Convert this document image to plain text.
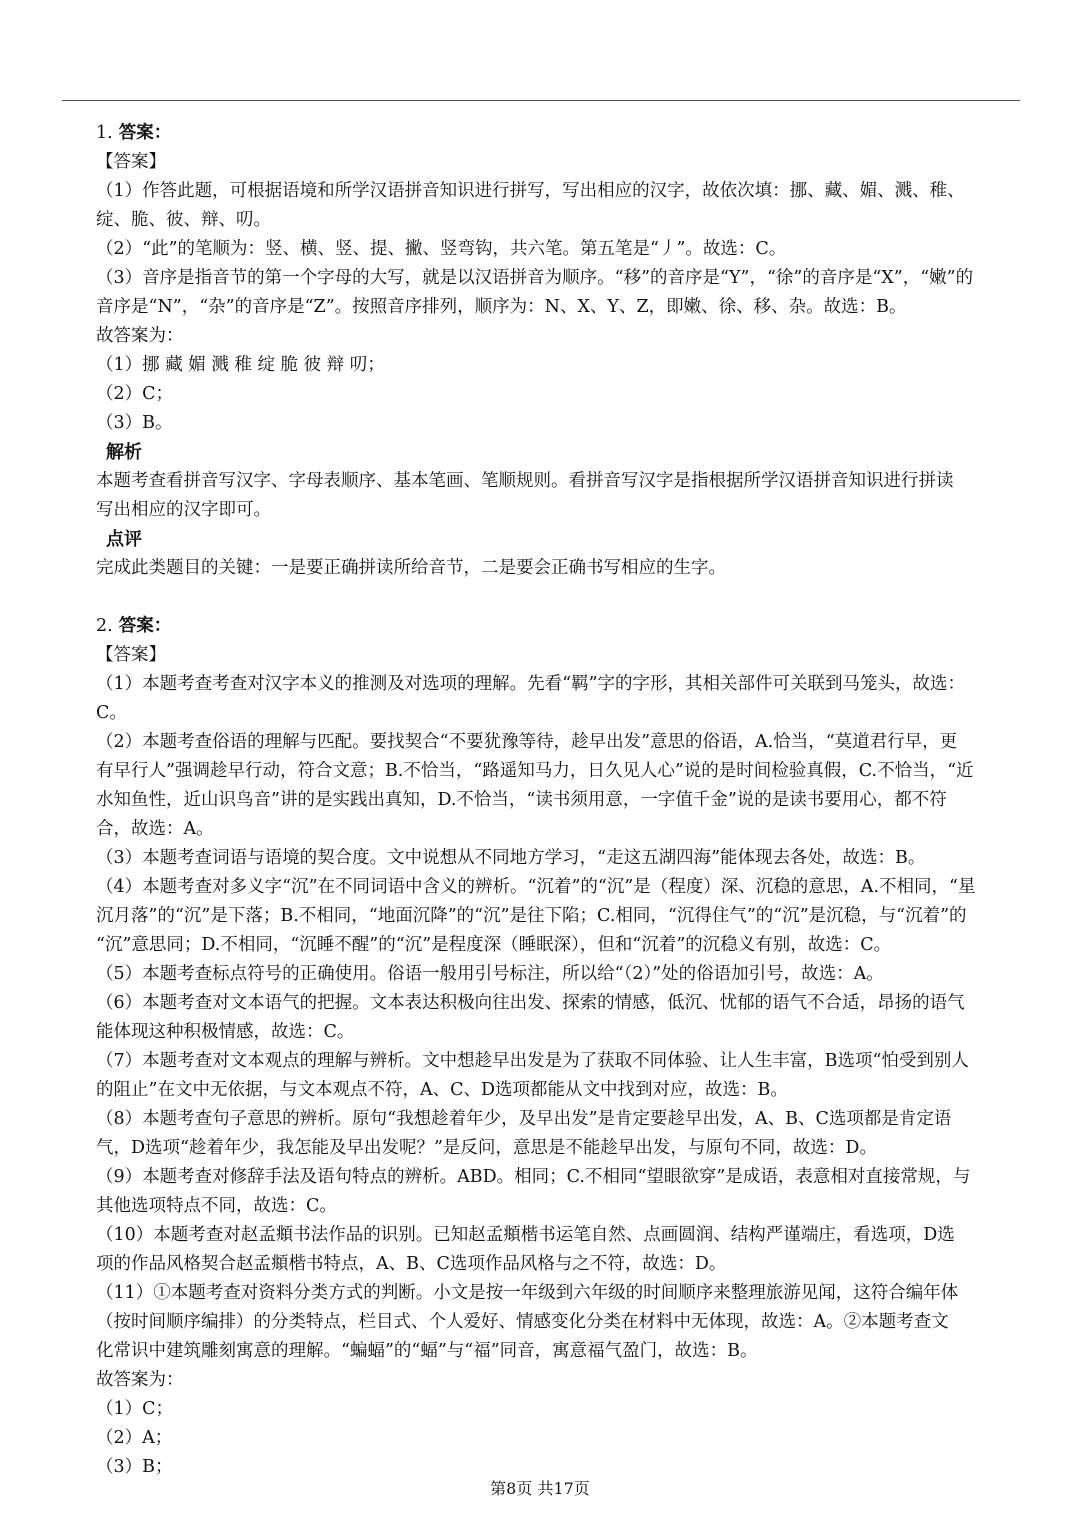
1. 答案：
【答案】
（1）作答此题，可根据语境和所学汉语拼音知识进行拼写，写出相应的汉字，故依次填：挪、藏、媚、溅、稚、
绽、脆、彼、辩、叨。
（2）“此”的笔顺为：竖、横、竖、提、撇、竖弯钩，共六笔。第五笔是“丿”。故选：C。
（3）音序是指音节的第一个字母的大写，就是以汉语拼音为顺序。“移”的音序是“Y”，“徐”的音序是“X”，“嫩”的
音序是“N”，“杂”的音序是“Z”。按照音序排列，顺序为：N、X、Y、Z，即嫩、徐、移、杂。故选：B。
故答案为：
（1）挪 藏 媚 溅 稚 绽 脆 彼 辩 叨；
（2）C；
（3）B。
解析
本题考查看拼音写汉字、字母表顺序、基本笔画、笔顺规则。看拼音写汉字是指根据所学汉语拼音知识进行拼读
写出相应的汉字即可。
点评
完成此类题目的关键：一是要正确拼读所给音节，二是要会正确书写相应的生字。
2. 答案：
【答案】
（1）本题考查考查对汉字本义的推测及对选项的理解。先看“羁”字的字形，其相关部件可关联到马笼头，故选：
C。
（2）本题考查俗语的理解与匹配。要找契合“不要犹豫等待，趁早出发”意思的俗语，A.恰当，“莫道君行早，更
有早行人”强调趁早行动，符合文意；B.不恰当，“路遥知马力，日久见人心”说的是时间检验真假，C.不恰当，“近
水知鱼性，近山识鸟音”讲的是实践出真知，D.不恰当，“读书须用意，一字值千金”说的是读书要用心，都不符
合，故选：A。
（3）本题考查词语与语境的契合度。文中说想从不同地方学习，“走这五湖四海”能体现去各处，故选：B。
（4）本题考查对多义字“沉”在不同词语中含义的辨析。“沉着”的“沉”是（程度）深、沉稳的意思，A.不相同，“星
沉月落”的“沉”是下落；B.不相同，“地面沉降”的“沉”是往下陷；C.相同，“沉得住气”的“沉”是沉稳，与“沉着”的
“沉”意思同；D.不相同，“沉睡不醒”的“沉”是程度深（睡眠深），但和“沉着”的沉稳义有别，故选：C。
（5）本题考查标点符号的正确使用。俗语一般用引号标注，所以给“（2）”处的俗语加引号，故选：A。
（6）本题考查对文本语气的把握。文本表达积极向往出发、探索的情感，低沉、忧郁的语气不合适，昂扬的语气
能体现这种积极情感，故选：C。
（7）本题考查对文本观点的理解与辨析。文中想趁早出发是为了获取不同体验、让人生丰富，B选项“怕受到别人
的阻止”在文中无依据，与文本观点不符，A、C、D选项都能从文中找到对应，故选：B。
（8）本题考查句子意思的辨析。原句“我想趁着年少，及早出发”是肯定要趁早出发，A、B、C选项都是肯定语
气，D选项“趁着年少，我怎能及早出发呢？”是反问，意思是不能趁早出发，与原句不同，故选：D。
（9）本题考查对修辞手法及语句特点的辨析。ABD。相同；C.不相同“望眼欲穿”是成语，表意相对直接常规，与
其他选项特点不同，故选：C。
（10）本题考查对赵孟頫书法作品的识别。已知赵孟頫楷书运笔自然、点画圆润、结构严谨端庄，看选项，D选
项的作品风格契合赵孟頫楷书特点，A、B、C选项作品风格与之不符，故选：D。
（11）①本题考查对资料分类方式的判断。小文是按一年级到六年级的时间顺序来整理旅游见闻，这符合编年体
（按时间顺序编排）的分类特点，栏目式、个人爱好、情感变化分类在材料中无体现，故选：A。②本题考查文
化常识中建筑雕刻寓意的理解。“蝙蝠”的“蝠”与“福”同音，寓意福气盈门，故选：B。
故答案为：
（1）C；
（2）A；
（3）B；
第8页 共17页
